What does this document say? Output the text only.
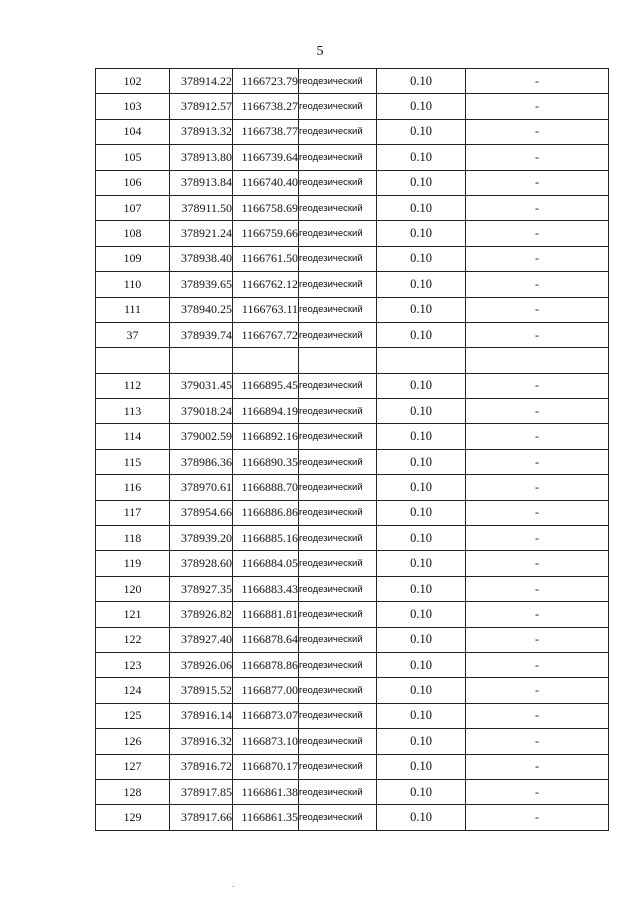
5
102	378914.22	1166723.79	геодезический	0.10	-
103	378912.57	1166738.27	геодезический	0.10	-
104	378913.32	1166738.77	геодезический	0.10	-
105	378913.80	1166739.64	геодезический	0.10	-
106	378913.84	1166740.40	геодезический	0.10	-
107	378911.50	1166758.69	геодезический	0.10	-
108	378921.24	1166759.66	геодезический	0.10	-
109	378938.40	1166761.50	геодезический	0.10	-
110	378939.65	1166762.12	геодезический	0.10	-
111	378940.25	1166763.11	геодезический	0.10	-
37	378939.74	1166767.72	геодезический	0.10	-

112	379031.45	1166895.45	геодезический	0.10	-
113	379018.24	1166894.19	геодезический	0.10	-
114	379002.59	1166892.16	геодезический	0.10	-
115	378986.36	1166890.35	геодезический	0.10	-
116	378970.61	1166888.70	геодезический	0.10	-
117	378954.66	1166886.86	геодезический	0.10	-
118	378939.20	1166885.16	геодезический	0.10	-
119	378928.60	1166884.05	геодезический	0.10	-
120	378927.35	1166883.43	геодезический	0.10	-
121	378926.82	1166881.81	геодезический	0.10	-
122	378927.40	1166878.64	геодезический	0.10	-
123	378926.06	1166878.86	геодезический	0.10	-
124	378915.52	1166877.00	геодезический	0.10	-
125	378916.14	1166873.07	геодезический	0.10	-
126	378916.32	1166873.10	геодезический	0.10	-
127	378916.72	1166870.17	геодезический	0.10	-
128	378917.85	1166861.38	геодезический	0.10	-
129	378917.66	1166861.35	геодезический	0.10	-
.
